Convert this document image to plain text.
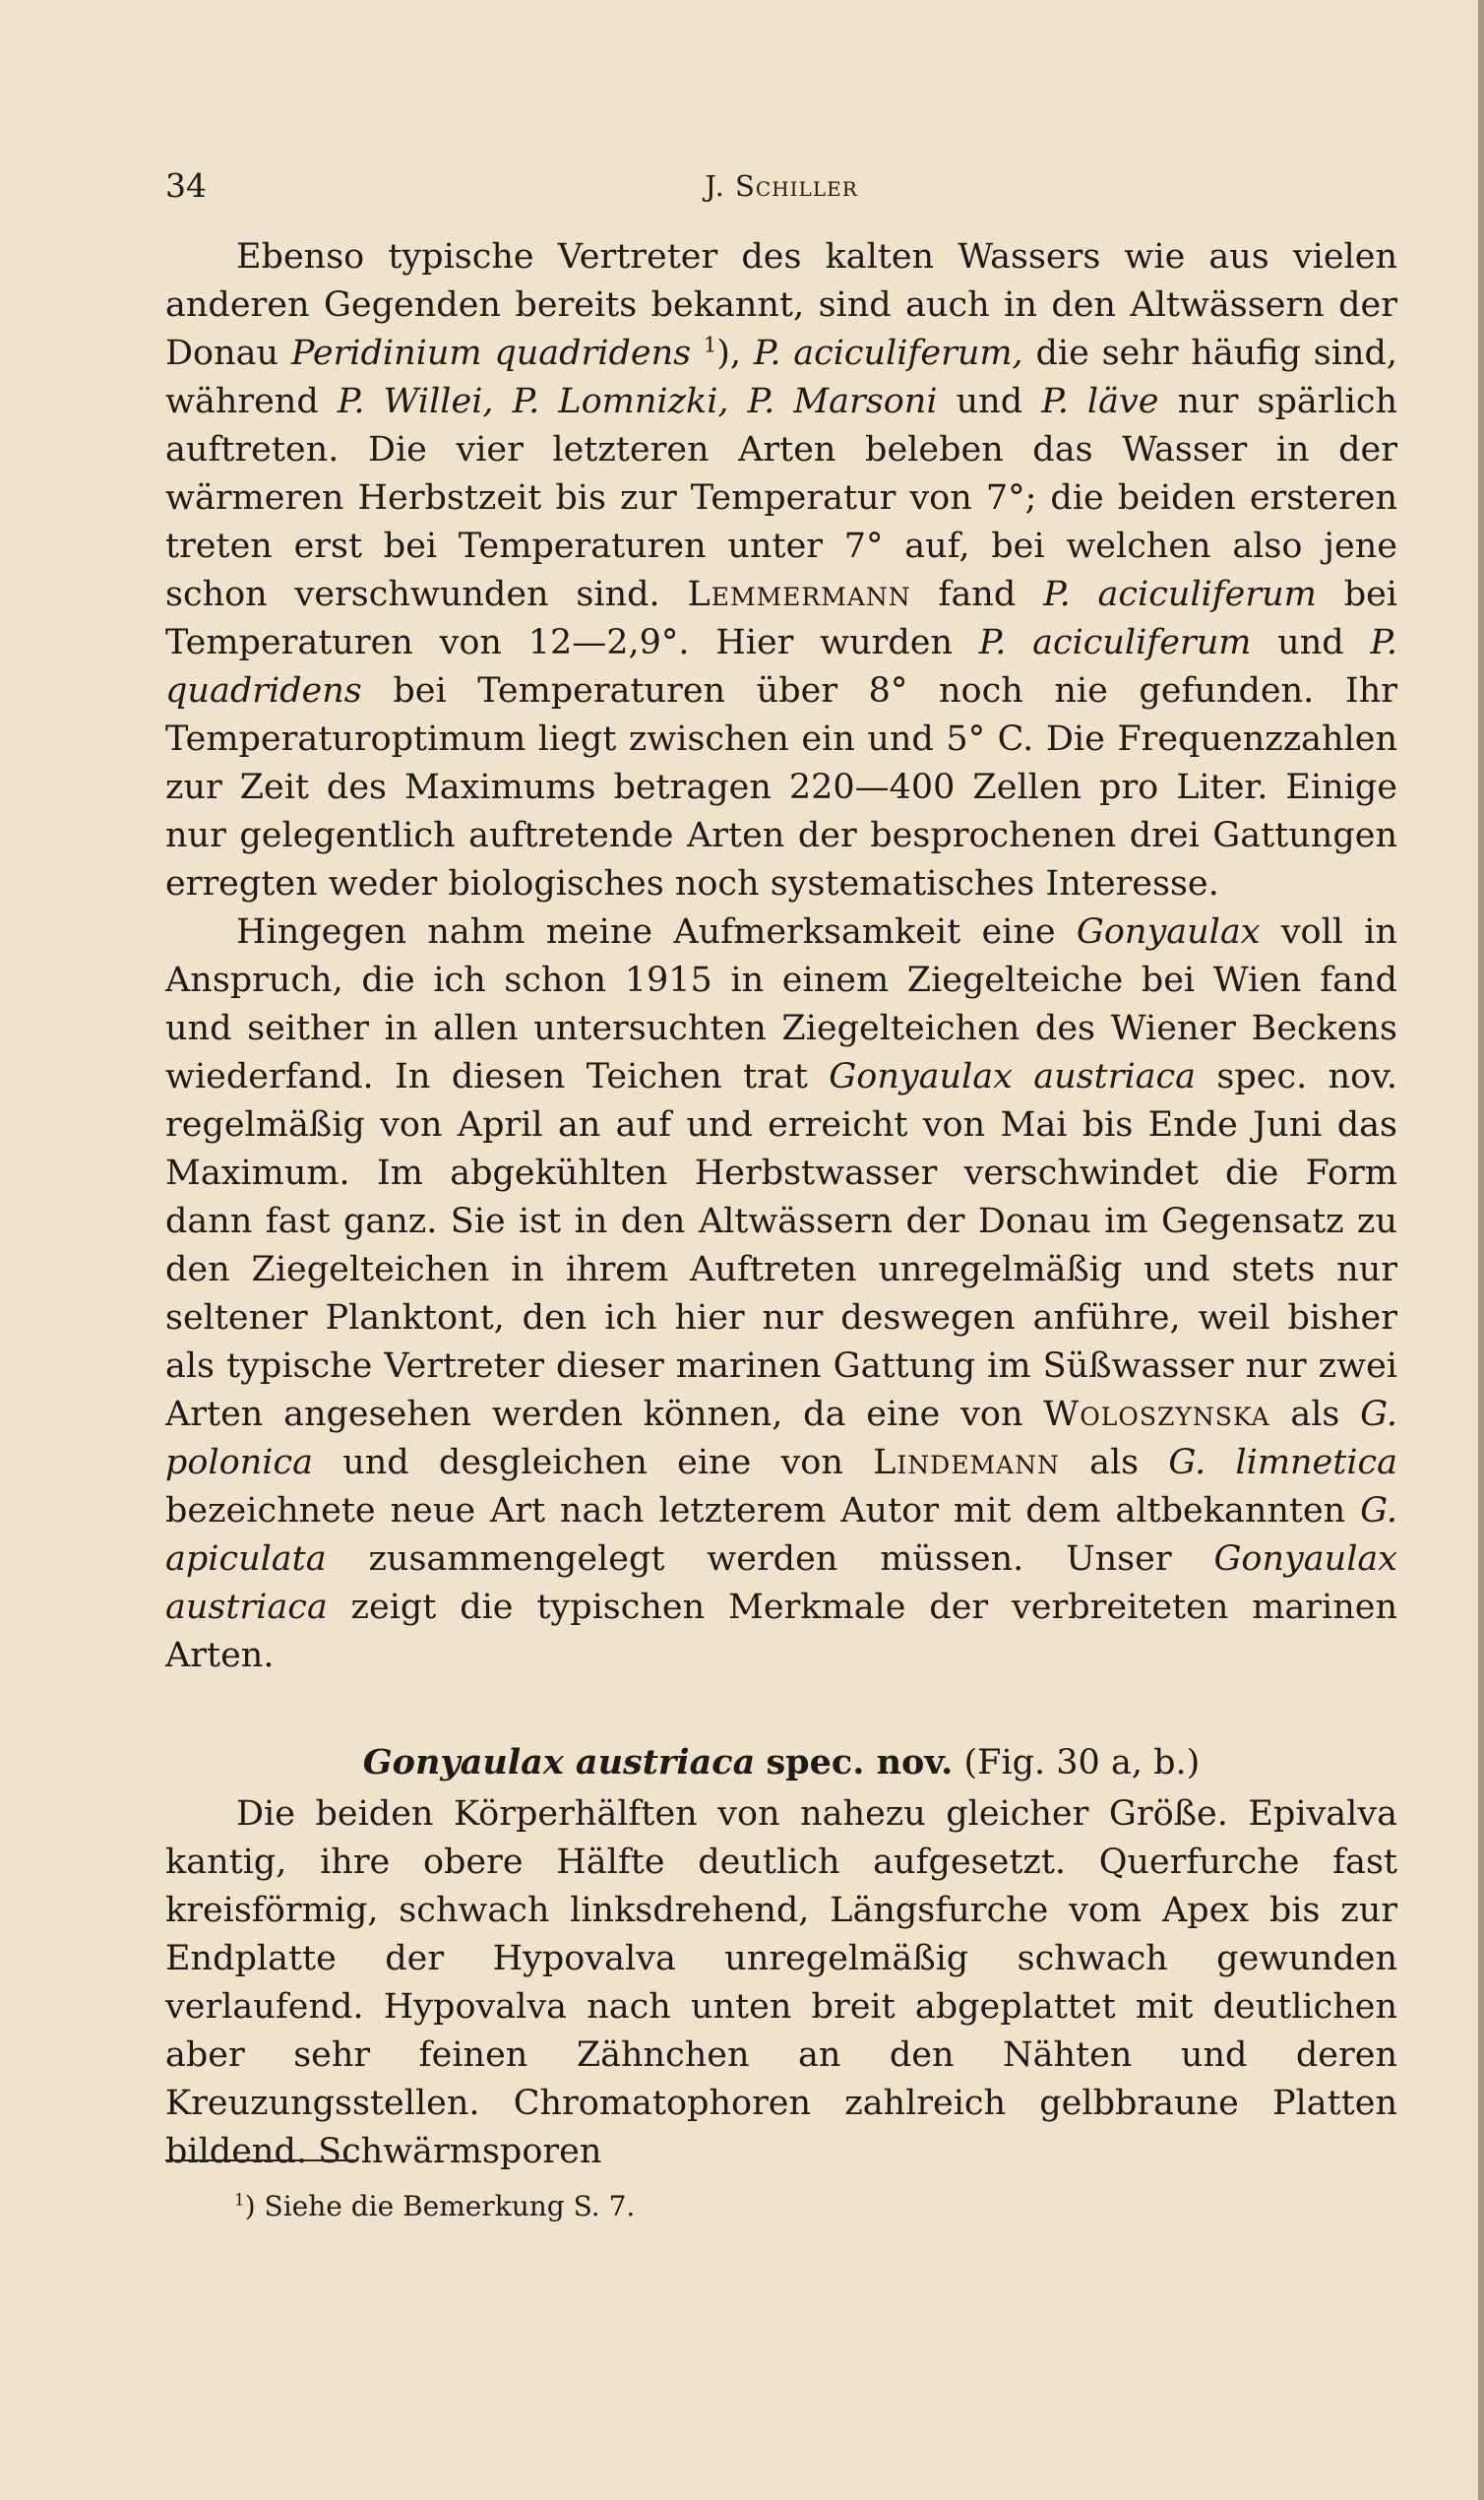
34	J. Schiller

Ebenso typische Vertreter des kalten Wassers wie aus vielen anderen Gegenden bereits bekannt, sind auch in den Altwässern der Donau Peridinium quadridens $^1$), P. aciculiferum, die sehr häufig sind, während P. Willei, P. Lomnizki, P. Marsoni und P. läve nur spärlich auftreten. Die vier letzteren Arten beleben das Wasser in der wärmeren Herbstzeit bis zur Temperatur von 7°; die beiden ersteren treten erst bei Temperaturen unter 7° auf, bei welchen also jene schon verschwunden sind. Lemmermann fand P. aciculiferum bei Temperaturen von 12—2,9°. Hier wurden P. aciculiferum und P. quadridens bei Temperaturen über 8° noch nie gefunden. Ihr Temperaturoptimum liegt zwischen ein und 5° C. Die Frequenzzahlen zur Zeit des Maximums betragen 220—400 Zellen pro Liter. Einige nur gelegentlich auftretende Arten der besprochenen drei Gattungen erregten weder biologisches noch systematisches Interesse.

Hingegen nahm meine Aufmerksamkeit eine Gonyaulax voll in Anspruch, die ich schon 1915 in einem Ziegelteiche bei Wien fand und seither in allen untersuchten Ziegelteichen des Wiener Beckens wiederfand. In diesen Teichen trat Gonyaulax austriaca spec. nov. regelmäßig von April an auf und erreicht von Mai bis Ende Juni das Maximum. Im abgekühlten Herbstwasser verschwindet die Form dann fast ganz. Sie ist in den Altwässern der Donau im Gegensatz zu den Ziegelteichen in ihrem Auftreten unregelmäßig und stets nur seltener Planktont, den ich hier nur deswegen anführe, weil bisher als typische Vertreter dieser marinen Gattung im Süßwasser nur zwei Arten angesehen werden können, da eine von Woloszynska als G. polonica und desgleichen eine von Lindemann als G. limnetica bezeichnete neue Art nach letzterem Autor mit dem altbekannten G. apiculata zusammengelegt werden müssen. Unser Gonyaulax austriaca zeigt die typischen Merkmale der verbreiteten marinen Arten.

Gonyaulax austriaca spec. nov. (Fig. 30 a, b.)

Die beiden Körperhälften von nahezu gleicher Größe. Epivalva kantig, ihre obere Hälfte deutlich aufgesetzt. Querfurche fast kreisförmig, schwach linksdrehend, Längsfurche vom Apex bis zur Endplatte der Hypovalva unregelmäßig schwach gewunden verlaufend. Hypovalva nach unten breit abgeplattet mit deutlichen aber sehr feinen Zähnchen an den Nähten und deren Kreuzungsstellen. Chromatophoren zahlreich gelbbraune Platten bildend. Schwärmsporen

$^1$) Siehe die Bemerkung S. 7.
